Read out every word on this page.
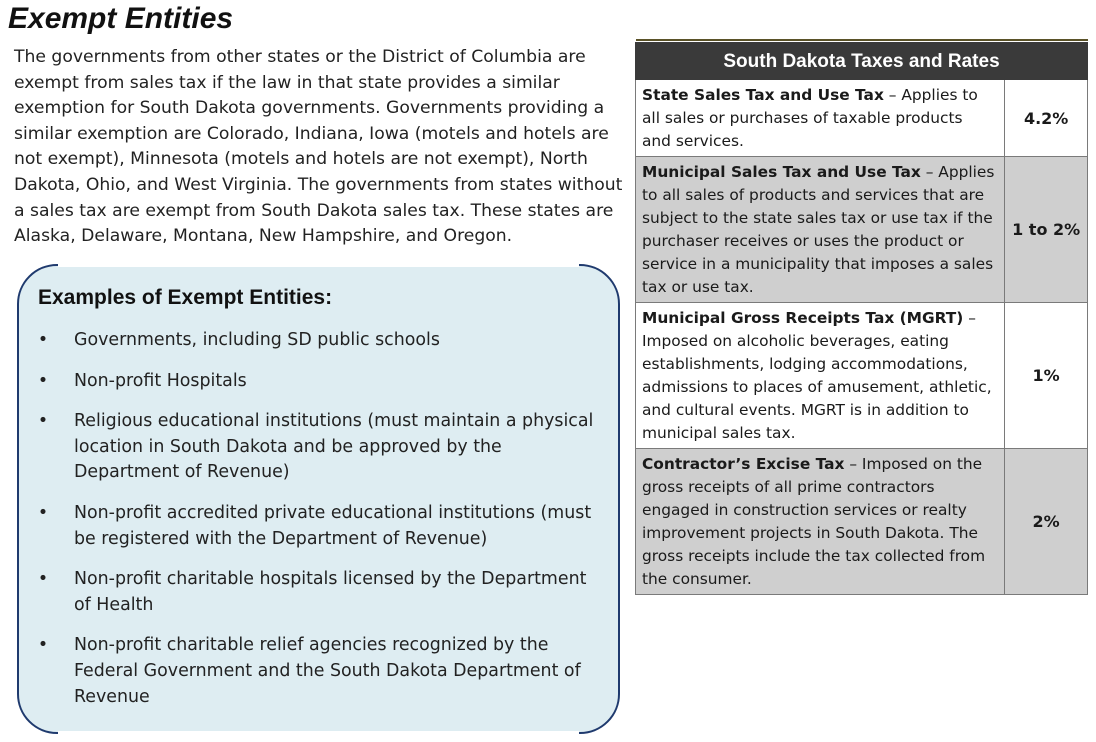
Exempt Entities

The governments from other states or the District of Columbia are exempt from sales tax if the law in that state provides a similar exemption for South Dakota governments. Governments providing a similar exemption are Colorado, Indiana, Iowa (motels and hotels are not exempt), Minnesota (motels and hotels are not exempt), North Dakota, Ohio, and West Virginia. The governments from states without a sales tax are exempt from South Dakota sales tax. These states are Alaska, Delaware, Montana, New Hampshire, and Oregon.

Examples of Exempt Entities:
• Governments, including SD public schools
• Non-profit Hospitals
• Religious educational institutions (must maintain a physical location in South Dakota and be approved by the Department of Revenue)
• Non-profit accredited private educational institutions (must be registered with the Department of Revenue)
• Non-profit charitable hospitals licensed by the Department of Health
• Non-profit charitable relief agencies recognized by the Federal Government and the South Dakota Department of Revenue
South Dakota Taxes and Rates	
State Sales Tax and Use Tax – Applies to all sales or purchases of taxable products and services.	4.2%
Municipal Sales Tax and Use Tax – Applies to all sales of products and services that are subject to the state sales tax or use tax if the purchaser receives or uses the product or service in a municipality that imposes a sales tax or use tax.	1 to 2%
Municipal Gross Receipts Tax (MGRT) – Imposed on alcoholic beverages, eating establishments, lodging accommodations, admissions to places of amusement, athletic, and cultural events. MGRT is in addition to municipal sales tax.	1%
Contractor’s Excise Tax – Imposed on the gross receipts of all prime contractors engaged in construction services or realty improvement projects in South Dakota. The gross receipts include the tax collected from the consumer.	2%
